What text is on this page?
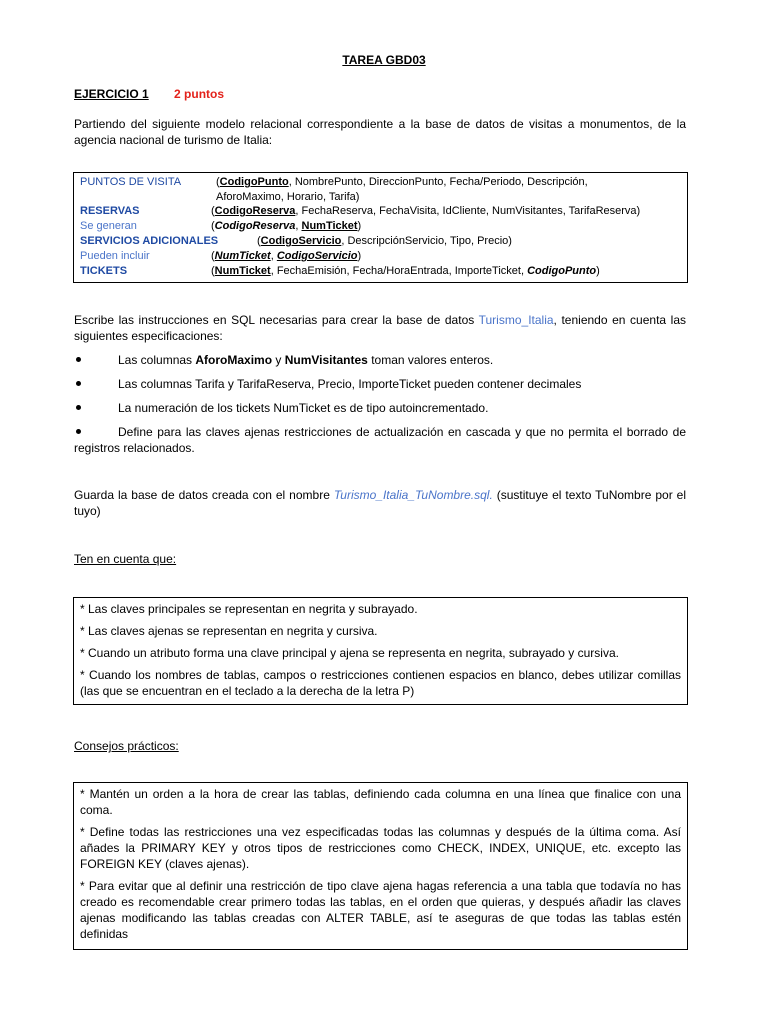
TAREA GBD03
EJERCICIO 1 2 puntos

Partiendo del siguiente modelo relacional correspondiente a la base de datos de visitas a monumentos, de la agencia nacional de turismo de Italia:

PUNTOS DE VISITA	(CodigoPunto, NombrePunto, DireccionPunto, Fecha/Periodo, Descripción,
AforoMaximo, Horario, Tarifa)
RESERVAS	(CodigoReserva, FechaReserva, FechaVisita, IdCliente, NumVisitantes, TarifaReserva)
Se generan	(CodigoReserva, NumTicket)
SERVICIOS ADICIONALES	(CodigoServicio, DescripciónServicio, Tipo, Precio)
Pueden incluir	(NumTicket, CodigoServicio)
TICKETS	(NumTicket, FechaEmisión, Fecha/HoraEntrada, ImporteTicket, CodigoPunto)

Escribe las instrucciones en SQL necesarias para crear la base de datos Turismo_Italia, teniendo en cuenta las siguientes especificaciones:

Las columnas AforoMaximo y NumVisitantes toman valores enteros.
Las columnas Tarifa y TarifaReserva, Precio, ImporteTicket pueden contener decimales
La numeración de los tickets NumTicket es de tipo autoincrementado.

Define para las claves ajenas restricciones de actualización en cascada y que no permita el borrado de registros relacionados.

Guarda la base de datos creada con el nombre Turismo_Italia_TuNombre.sql. (sustituye el texto TuNombre por el tuyo)

Ten en cuenta que:

* Las claves principales se representan en negrita y subrayado.

* Las claves ajenas se representan en negrita y cursiva.

* Cuando un atributo forma una clave principal y ajena se representa en negrita, subrayado y cursiva.

* Cuando los nombres de tablas, campos o restricciones contienen espacios en blanco, debes utilizar comillas (las que se encuentran en el teclado a la derecha de la letra P)

Consejos prácticos:

* Mantén un orden a la hora de crear las tablas, definiendo cada columna en una línea que finalice con una coma.

* Define todas las restricciones una vez especificadas todas las columnas y después de la última coma. Así añades la PRIMARY KEY y otros tipos de restricciones como CHECK, INDEX, UNIQUE, etc. excepto las FOREIGN KEY (claves ajenas).

* Para evitar que al definir una restricción de tipo clave ajena hagas referencia a una tabla que todavía no has creado es recomendable crear primero todas las tablas, en el orden que quieras, y después añadir las claves ajenas modificando las tablas creadas con ALTER TABLE, así te aseguras de que todas las tablas estén definidas
